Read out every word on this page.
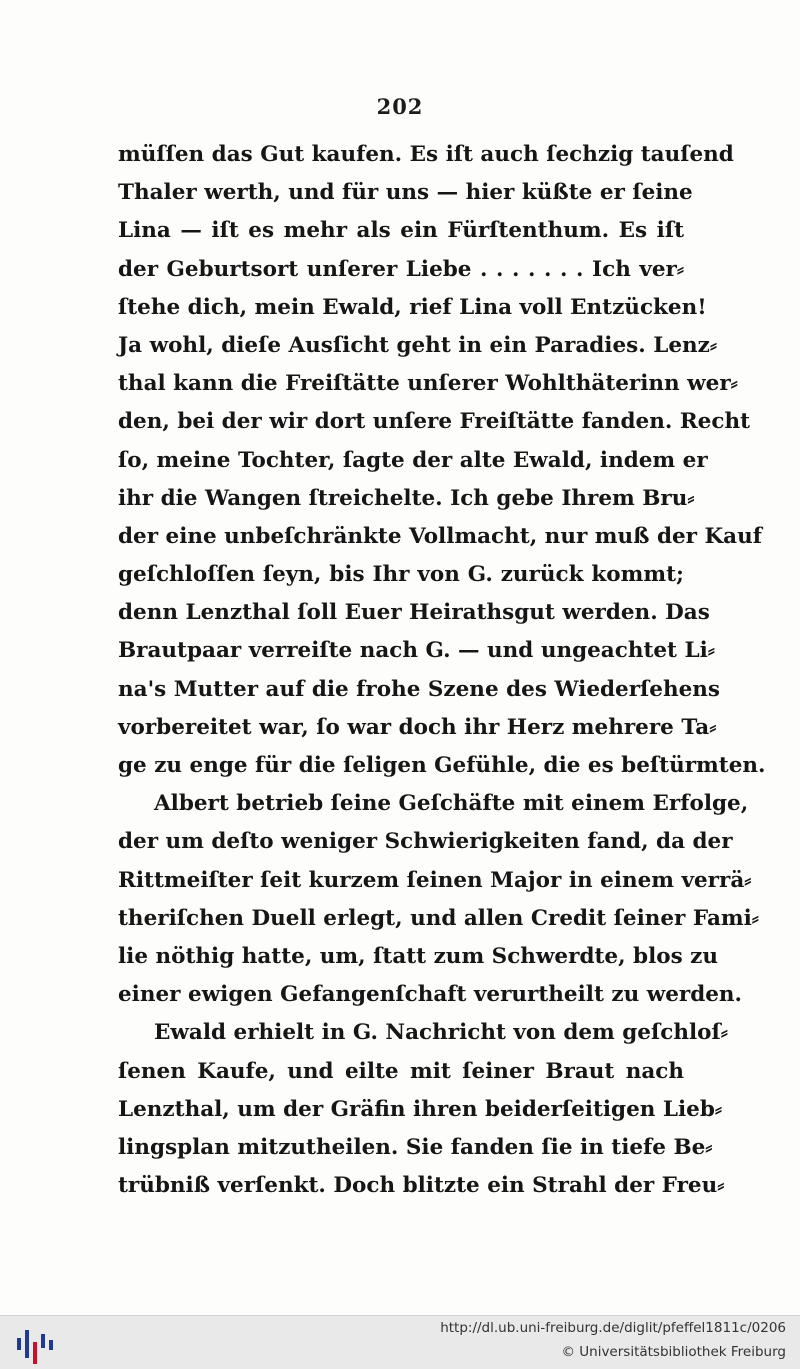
202
müſſen das Gut kaufen. Es iſt auch ſechzig tauſend
Thaler werth, und für uns — hier küßte er ſeine
Lina — iſt es mehr als ein Fürſtenthum. Es iſt
der Geburtsort unſerer Liebe . . . . . . . Ich ver⸗
ſtehe dich, mein Ewald, rief Lina voll Entzücken!
Ja wohl, dieſe Ausſicht geht in ein Paradies. Lenz⸗
thal kann die Freiſtätte unſerer Wohlthäterinn wer⸗
den, bei der wir dort unſere Freiſtätte fanden. Recht
ſo, meine Tochter, ſagte der alte Ewald, indem er
ihr die Wangen ſtreichelte. Ich gebe Ihrem Bru⸗
der eine unbeſchränkte Vollmacht, nur muß der Kauf
geſchloſſen ſeyn, bis Ihr von G. zurück kommt;
denn Lenzthal ſoll Euer Heirathsgut werden. Das
Brautpaar verreiſte nach G. — und ungeachtet Li⸗
na's Mutter auf die frohe Szene des Wiederſehens
vorbereitet war, ſo war doch ihr Herz mehrere Ta⸗
ge zu enge für die ſeligen Gefühle, die es beſtürmten.
Albert betrieb ſeine Geſchäfte mit einem Erfolge,
der um deſto weniger Schwierigkeiten fand, da der
Rittmeiſter ſeit kurzem ſeinen Major in einem verrä⸗
theriſchen Duell erlegt, und allen Credit ſeiner Fami⸗
lie nöthig hatte, um, ſtatt zum Schwerdte, blos zu
einer ewigen Gefangenſchaft verurtheilt zu werden.
Ewald erhielt in G. Nachricht von dem geſchloſ⸗
ſenen Kaufe, und eilte mit ſeiner Braut nach
Lenzthal, um der Gräfin ihren beiderſeitigen Lieb⸗
lingsplan mitzutheilen. Sie fanden ſie in tiefe Be⸗
trübniß verſenkt. Doch blitzte ein Strahl der Freu⸗
http://dl.ub.uni-freiburg.de/diglit/pfeffel1811c/0206
© Universitätsbibliothek Freiburg
